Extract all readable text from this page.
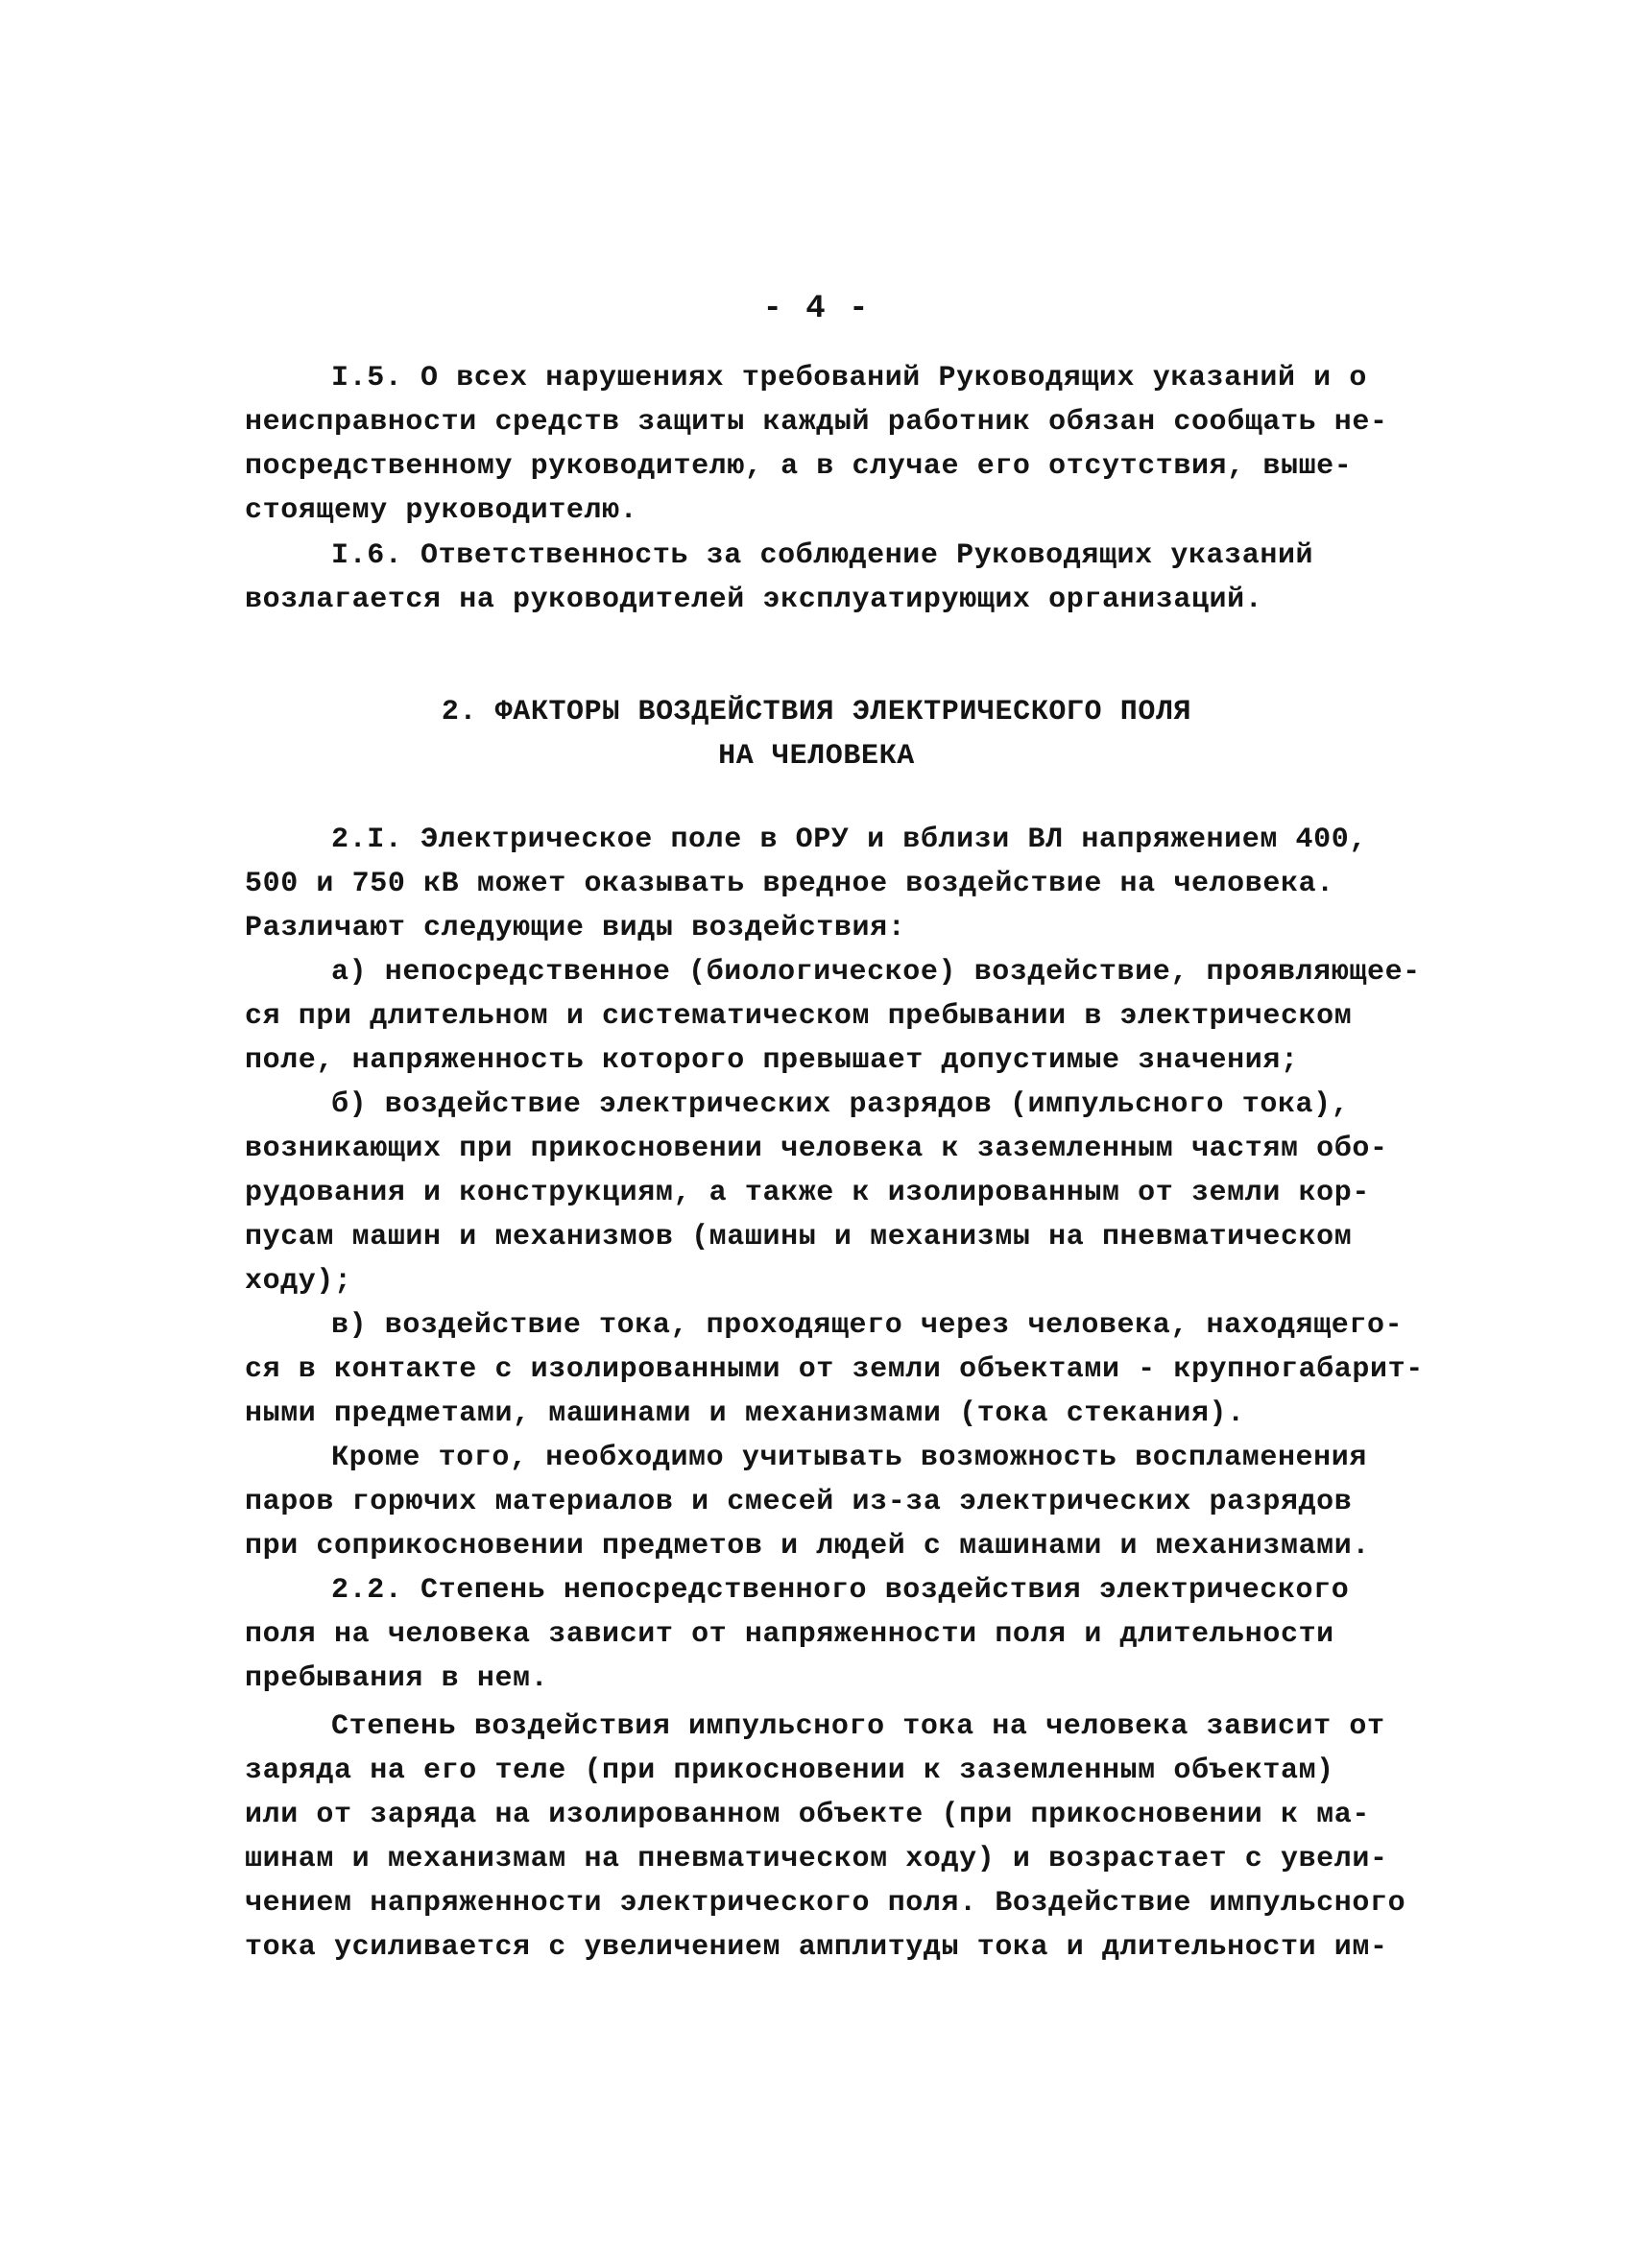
- 4 -
I.5. О всех нарушениях требований Руководящих указаний и о
неисправности средств защиты каждый работник обязан сообщать не-
посредственному руководителю, а в случае его отсутствия, выше-
стоящему руководителю.
I.6. Ответственность за соблюдение Руководящих указаний
возлагается на руководителей эксплуатирующих организаций.
2. ФАКТОРЫ ВОЗДЕЙСТВИЯ ЭЛЕКТРИЧЕСКОГО ПОЛЯ
НА ЧЕЛОВЕКА
2.I. Электрическое поле в ОРУ и вблизи ВЛ напряжением 400,
500 и 750 кВ может оказывать вредное воздействие на человека.
Различают следующие виды воздействия:
а) непосредственное (биологическое) воздействие, проявляющее-
ся при длительном и систематическом пребывании в электрическом
поле, напряженность которого превышает допустимые значения;
б) воздействие электрических разрядов (импульсного тока),
возникающих при прикосновении человека к заземленным частям обо-
рудования и конструкциям, а также к изолированным от земли кор-
пусам машин и механизмов (машины и механизмы на пневматическом
ходу);
в) воздействие тока, проходящего через человека, находящего-
ся в контакте с изолированными от земли объектами - крупногабарит-
ными предметами, машинами и механизмами (тока стекания).
Кроме того, необходимо учитывать возможность воспламенения
паров горючих материалов и смесей из-за электрических разрядов
при соприкосновении предметов и людей с машинами и механизмами.
2.2. Степень непосредственного воздействия электрического
поля на человека зависит от напряженности поля и длительности
пребывания в нем.
Степень воздействия импульсного тока на человека зависит от
заряда на его теле (при прикосновении к заземленным объектам)
или от заряда на изолированном объекте (при прикосновении к ма-
шинам и механизмам на пневматическом ходу) и возрастает с увели-
чением напряженности электрического поля. Воздействие импульсного
тока усиливается с увеличением амплитуды тока и длительности им-
